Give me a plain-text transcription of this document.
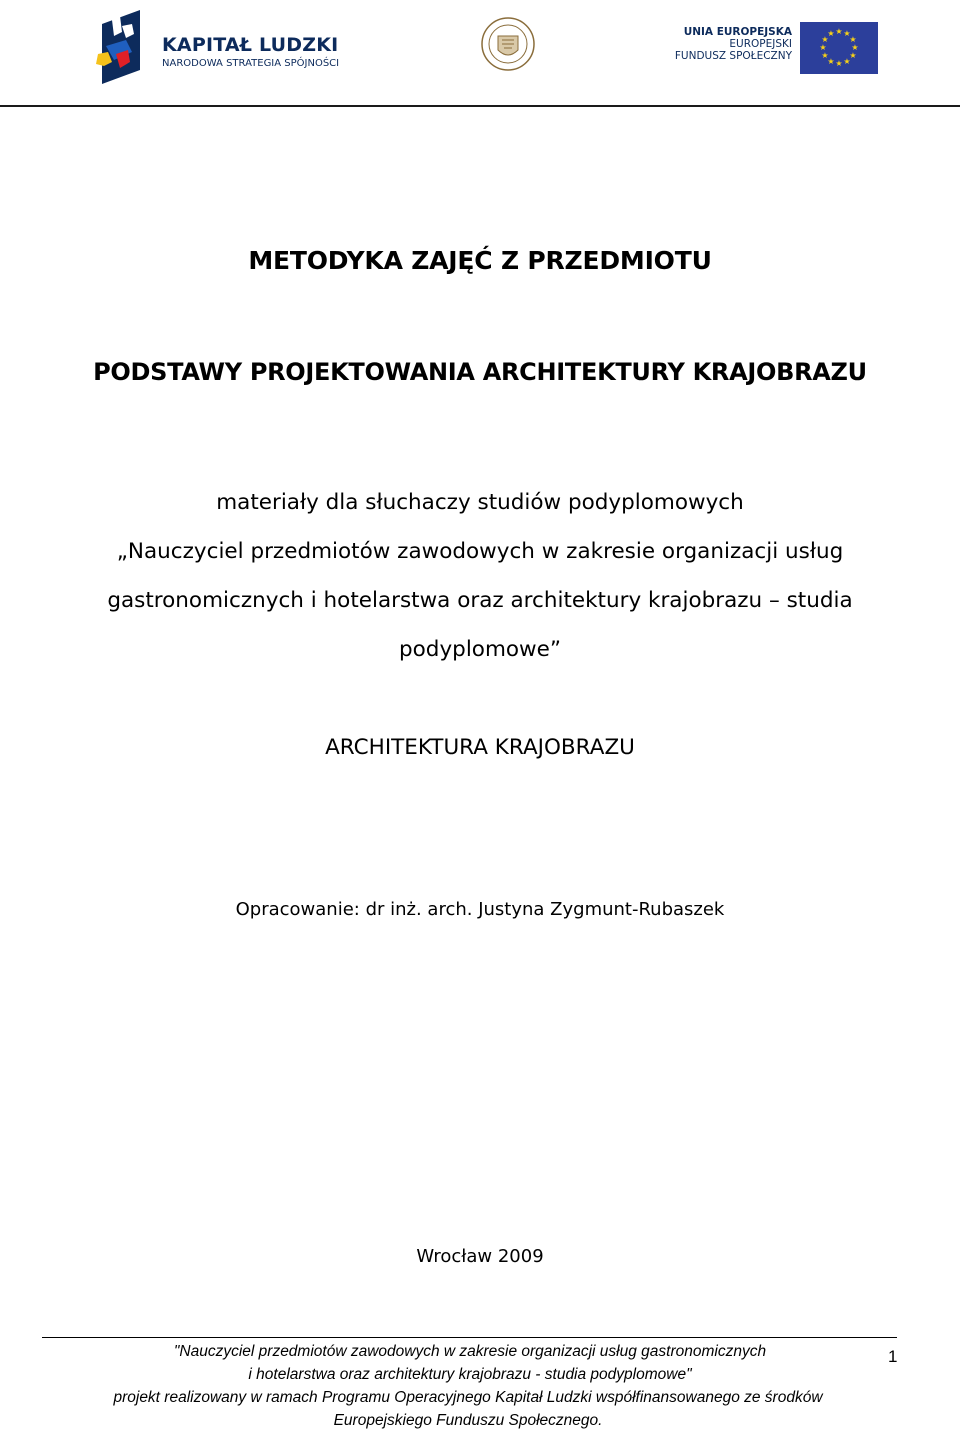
KAPITAŁ LUDZKI
NARODOWA STRATEGIA SPÓJNOŚCI
UNIA EUROPEJSKA
EUROPEJSKI
FUNDUSZ SPOŁECZNY
★ ★
★
★
★
★
★
★
★
★
★
★
METODYKA ZAJĘĆ Z PRZEDMIOTU
PODSTAWY PROJEKTOWANIA ARCHITEKTURY KRAJOBRAZU
materiały dla słuchaczy studiów podyplomowych
„Nauczyciel przedmiotów zawodowych w zakresie organizacji usług
gastronomicznych i hotelarstwa oraz architektury krajobrazu – studia
podyplomowe”
ARCHITEKTURA KRAJOBRAZU
Opracowanie: dr inż. arch. Justyna Zygmunt-Rubaszek
Wrocław 2009
"Nauczyciel przedmiotów zawodowych w zakresie organizacji usług gastronomicznych
i hotelarstwa oraz architektury krajobrazu - studia podyplomowe"
projekt realizowany w ramach Programu Operacyjnego Kapitał Ludzki współfinansowanego ze środków
Europejskiego Funduszu Społecznego.
1
